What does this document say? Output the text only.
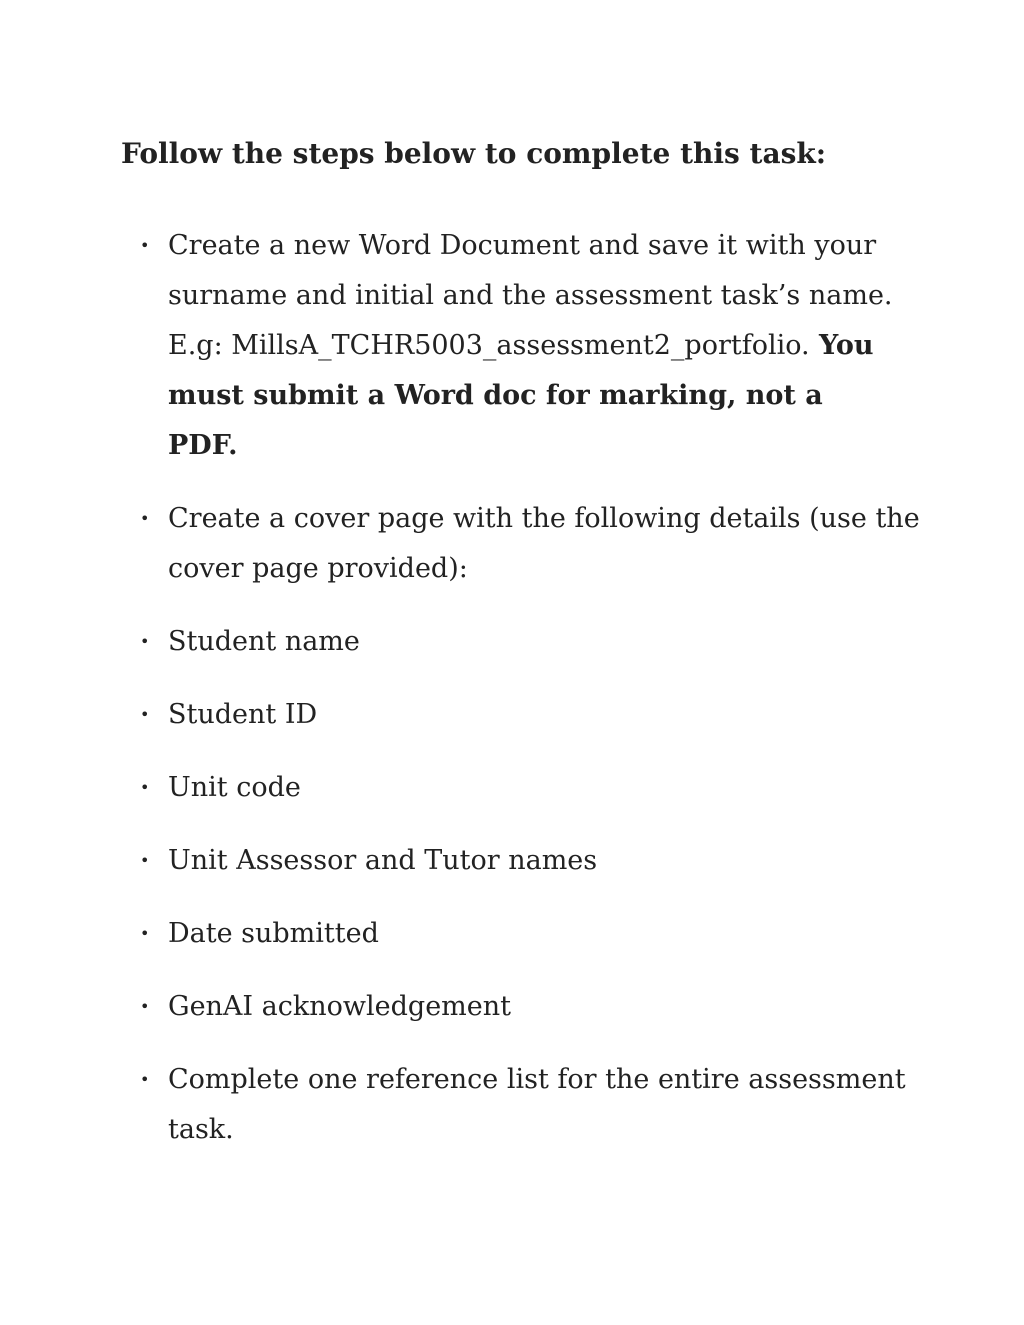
Follow the steps below to complete this task:
• Create a new Word Document and save it with your
surname and initial and the assessment task’s name.
E.g: MillsA_TCHR5003_assessment2_portfolio. You
must submit a Word doc for marking, not a
PDF.
• Create a cover page with the following details (use the
cover page provided):
• Student name
• Student ID
• Unit code
• Unit Assessor and Tutor names
• Date submitted
• GenAI acknowledgement
• Complete one reference list for the entire assessment
task.
